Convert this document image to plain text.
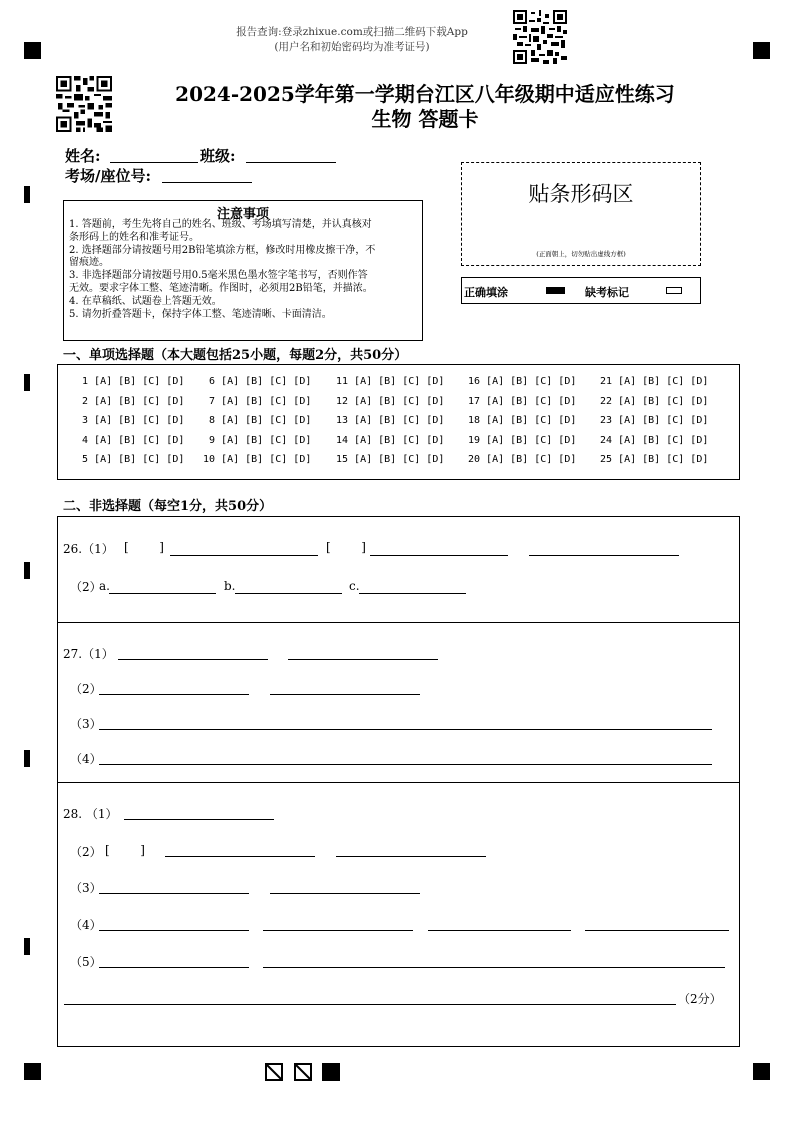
报告查询:登录zhixue.com或扫描二维码下载App
(用户名和初始密码均为准考证号)
2024-2025学年第一学期台江区八年级期中适应性练习
生物 答题卡
姓名:	班级:
考场/座位号:
贴条形码区
(正面朝上，切勿贴出虚线方框)
正确填涂	缺考标记
注意事项
1. 答题前，考生先将自己的姓名、班级、考场填写清楚，并认真核对
条形码上的姓名和准考证号。
2. 选择题部分请按题号用2B铅笔填涂方框，修改时用橡皮擦干净，不
留痕迹。
3. 非选择题部分请按题号用0.5毫米黑色墨水签字笔书写，否则作答
无效。要求字体工整、笔迹清晰。作图时，必须用2B铅笔，并描浓。
4. 在草稿纸、试题卷上答题无效。
5. 请勿折叠答题卡，保持字体工整、笔迹清晰、卡面清洁。
一、单项选择题（本大题包括25小题，每题2分，共50分）
1 [A] [B] [C] [D]
2 [A] [B] [C] [D]
3 [A] [B] [C] [D]
4 [A] [B] [C] [D]
5 [A] [B] [C] [D]
6 [A] [B] [C] [D]
7 [A] [B] [C] [D]
8 [A] [B] [C] [D]
9 [A] [B] [C] [D]
10 [A] [B] [C] [D]
11 [A] [B] [C] [D]
12 [A] [B] [C] [D]
13 [A] [B] [C] [D]
14 [A] [B] [C] [D]
15 [A] [B] [C] [D]
16 [A] [B] [C] [D]
17 [A] [B] [C] [D]
18 [A] [B] [C] [D]
19 [A] [B] [C] [D]
20 [A] [B] [C] [D]
21 [A] [B] [C] [D]
22 [A] [B] [C] [D]
23 [A] [B] [C] [D]
24 [A] [B] [C] [D]
25 [A] [B] [C] [D]
二、非选择题（每空1分，共50分）
26.（1） [        ]	[        ]
（2）
a.	b.	c.
27.（1）
（2）
（3）
（4）
28. （1）
（2） [        ]
（3）
（4）
（5）
（2分）
